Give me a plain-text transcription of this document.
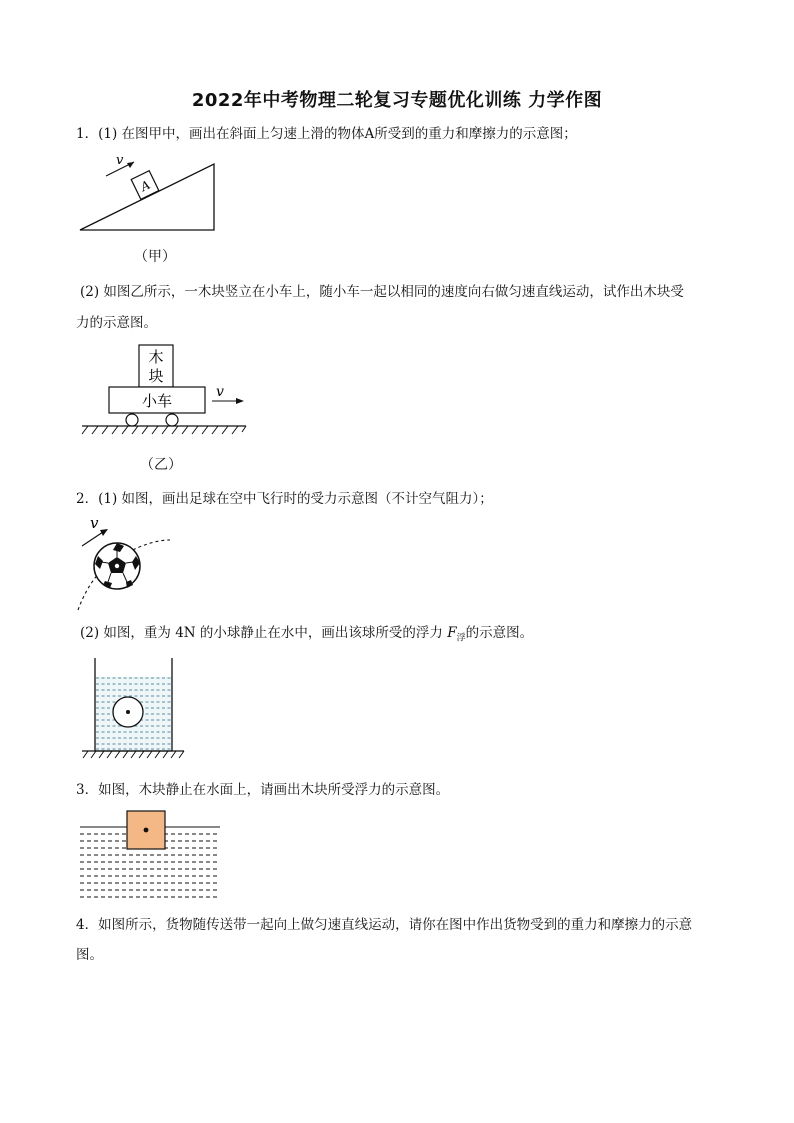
2022年中考物理二轮复习专题优化训练 力学作图
1．(1) 在图甲中，画出在斜面上匀速上滑的物体A所受到的重力和摩擦力的示意图；
A
v
（甲）
(2) 如图乙所示，一木块竖立在小车上，随小车一起以相同的速度向右做匀速直线运动，试作出木块受
力的示意图。
木
块
小车	v
（乙）
2．(1) 如图，画出足球在空中飞行时的受力示意图（不计空气阻力）；
v
(2) 如图，重为 4N 的小球静止在水中，画出该球所受的浮力 $F_浮$的示意图。
3．如图，木块静止在水面上，请画出木块所受浮力的示意图。
4．如图所示，货物随传送带一起向上做匀速直线运动，请你在图中作出货物受到的重力和摩擦力的示意
图。
